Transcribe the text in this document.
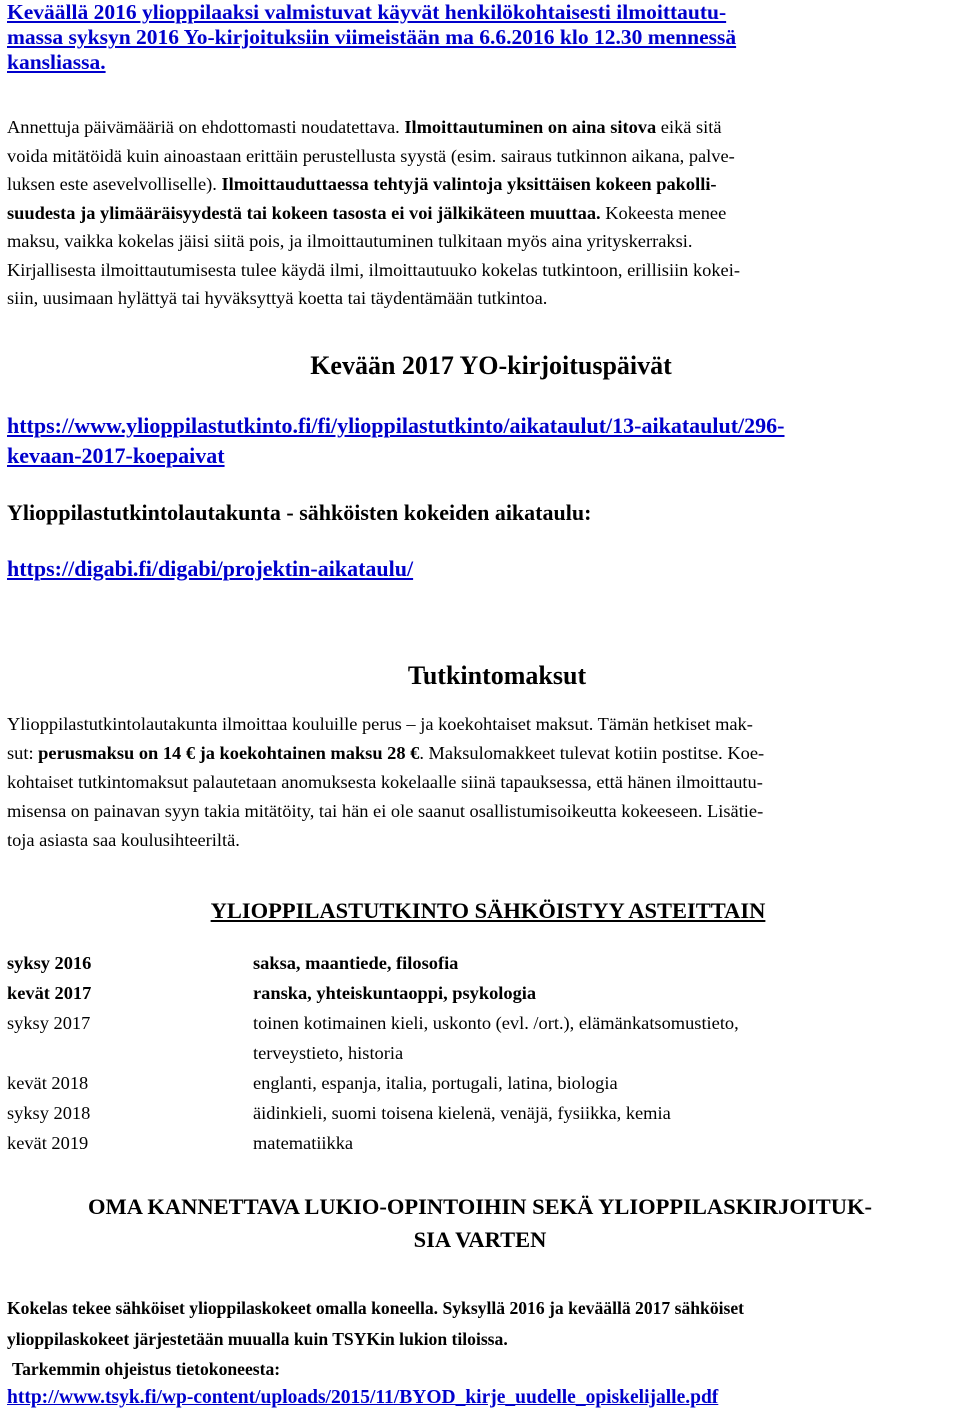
Keväällä 2016 ylioppilaaksi valmistuvat käyvät henkilökohtaisesti ilmoittautu-
massa syksyn 2016 Yo-kirjoituksiin viimeistään ma 6.6.2016 klo 12.30 mennessä
kansliassa.
Annettuja päivämääriä on ehdottomasti noudatettava. Ilmoittautuminen on aina sitova eikä sitä
voida mitätöidä kuin ainoastaan erittäin perustellusta syystä (esim. sairaus tutkinnon aikana, palve-
luksen este asevelvolliselle). Ilmoittauduttaessa tehtyjä valintoja yksittäisen kokeen pakolli-
suudesta ja ylimääräisyydestä tai kokeen tasosta ei voi jälkikäteen muuttaa. Kokeesta menee
maksu, vaikka kokelas jäisi siitä pois, ja ilmoittautuminen tulkitaan myös aina yrityskerraksi.
Kirjallisesta ilmoittautumisesta tulee käydä ilmi, ilmoittautuuko kokelas tutkintoon, erillisiin kokei-
siin, uusimaan hylättyä tai hyväksyttyä koetta tai täydentämään tutkintoa.
Kevään 2017 YO-kirjoituspäivät
https://www.ylioppilastutkinto.fi/fi/ylioppilastutkinto/aikataulut/13-aikataulut/296-
kevaan-2017-koepaivat
Ylioppilastutkintolautakunta - sähköisten kokeiden aikataulu:
https://digabi.fi/digabi/projektin-aikataulu/
Tutkintomaksut
Ylioppilastutkintolautakunta ilmoittaa kouluille perus – ja koekohtaiset maksut. Tämän hetkiset mak-
sut: perusmaksu on 14 € ja koekohtainen maksu 28 €. Maksulomakkeet tulevat kotiin postitse. Koe-
kohtaiset tutkintomaksut palautetaan anomuksesta kokelaalle siinä tapauksessa, että hänen ilmoittautu-
misensa on painavan syyn takia mitätöity, tai hän ei ole saanut osallistumisoikeutta kokeeseen. Lisätie-
toja asiasta saa koulusihteeriltä.
YLIOPPILASTUTKINTO SÄHKÖISTYY ASTEITTAIN
syksy 2016	saksa, maantiede, filosofia
kevät 2017	ranska, yhteiskuntaoppi, psykologia
syksy 2017	toinen kotimainen kieli, uskonto (evl. /ort.), elämänkatsomustieto,
terveystieto, historia
kevät 2018	englanti, espanja, italia, portugali, latina, biologia
syksy 2018	äidinkieli, suomi toisena kielenä, venäjä, fysiikka, kemia
kevät 2019	matematiikka
OMA KANNETTAVA LUKIO-OPINTOIHIN SEKÄ YLIOPPILASKIRJOITUK-
SIA VARTEN
Kokelas tekee sähköiset ylioppilaskokeet omalla koneella. Syksyllä 2016 ja keväällä 2017 sähköiset
ylioppilaskokeet järjestetään muualla kuin TSYKin lukion tiloissa.
Tarkemmin ohjeistus tietokoneesta:
http://www.tsyk.fi/wp-content/uploads/2015/11/BYOD_kirje_uudelle_opiskelijalle.pdf
